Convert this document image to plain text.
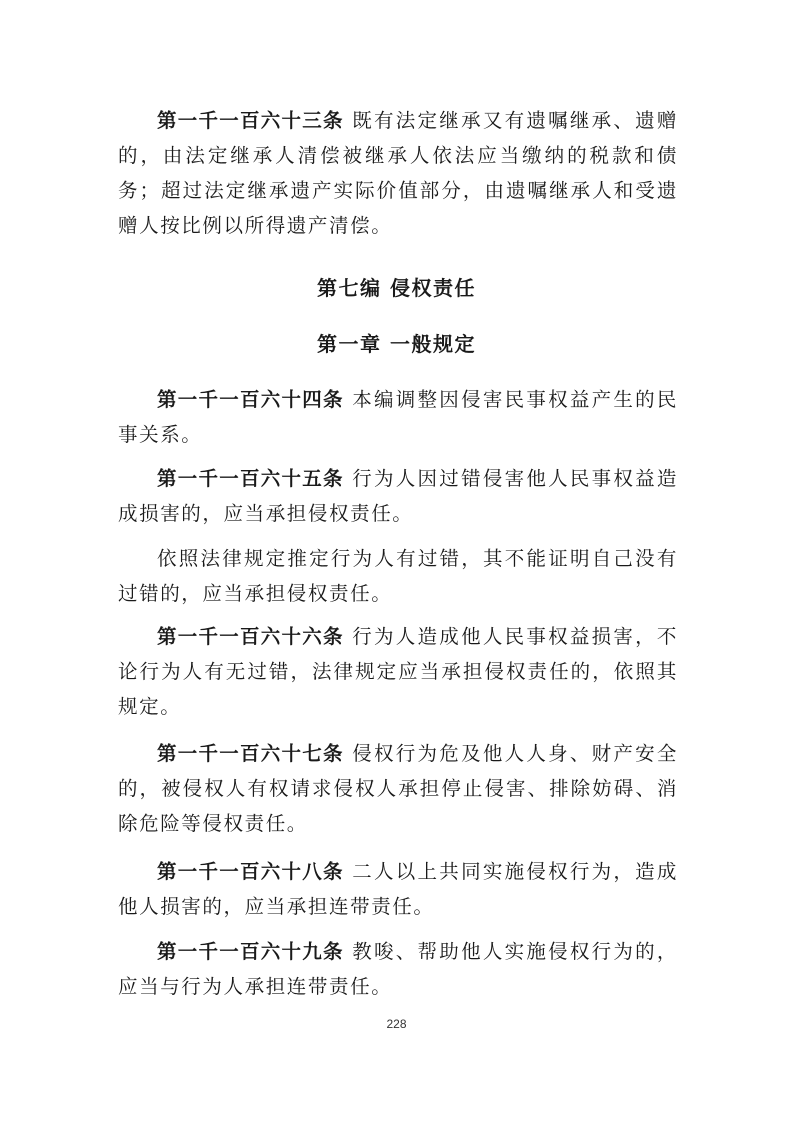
第一千一百六十三条 既有法定继承又有遗嘱继承、遗赠的，由法定继承人清偿被继承人依法应当缴纳的税款和债务；超过法定继承遗产实际价值部分，由遗嘱继承人和受遗赠人按比例以所得遗产清偿。

第七编 侵权责任
第一章 一般规定

第一千一百六十四条 本编调整因侵害民事权益产生的民事关系。

第一千一百六十五条 行为人因过错侵害他人民事权益造成损害的，应当承担侵权责任。

依照法律规定推定行为人有过错，其不能证明自己没有过错的，应当承担侵权责任。

第一千一百六十六条 行为人造成他人民事权益损害，不论行为人有无过错，法律规定应当承担侵权责任的，依照其规定。

第一千一百六十七条 侵权行为危及他人人身、财产安全的，被侵权人有权请求侵权人承担停止侵害、排除妨碍、消除危险等侵权责任。

第一千一百六十八条 二人以上共同实施侵权行为，造成他人损害的，应当承担连带责任。

第一千一百六十九条 教唆、帮助他人实施侵权行为的，应当与行为人承担连带责任。

228
